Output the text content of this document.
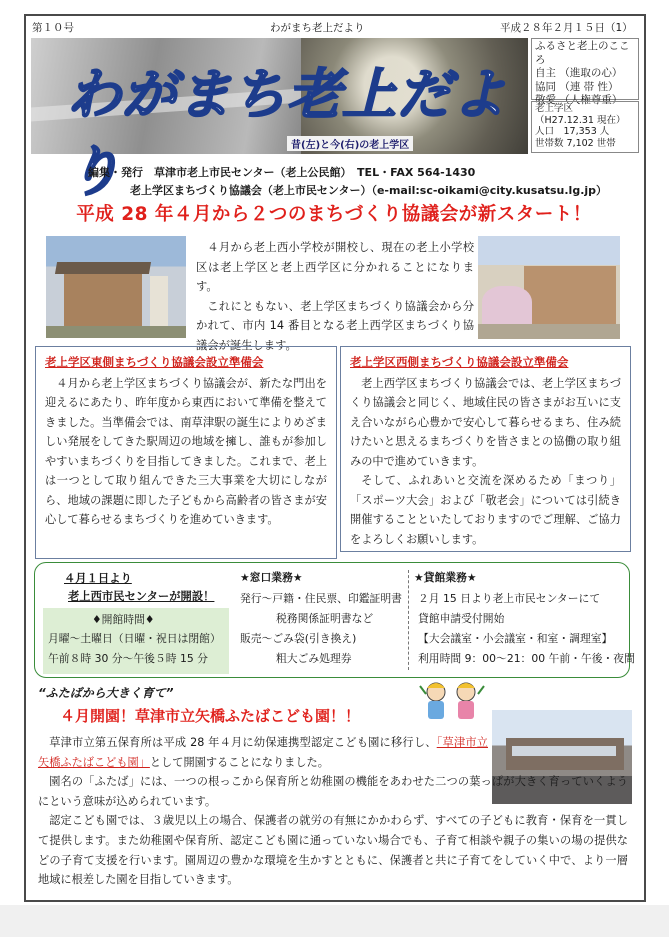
第１０号	わがまち老上だより	平成２８年２月１５日（1）
わがまち老上だより	昔(左)と今(右)の老上学区
ふるさと老上のこころ
自主 （進取の心）
協同 （連 帯 性）
敬愛 （人権尊重）
老上学区
（H27.12.31 現在）
人口　17,353 人
世帯数 7,102 世帯
編集・発行　草津市老上市民センター（老上公民館）　TEL・FAX 564-1430
老上学区まちづくり協議会（老上市民センター）（e-mail:sc-oikami@city.kusatsu.lg.jp）
平成 28 年４月から２つのまちづくり協議会が新スタート！
４月から老上西小学校が開校し、現在の老上小学校区は老上学区と老上西学区に分かれることになります。
これにともない、老上学区まちづくり協議会から分かれて、市内 14 番目となる老上西学区まちづくり協議会が誕生します。
老上学区東側まちづくり協議会設立準備会
４月から老上学区まちづくり協議会が、新たな門出を迎えるにあたり、昨年度から東西において準備を整えてきました。当準備会では、南草津駅の誕生によりめざましい発展をしてきた駅周辺の地域を擁し、誰もが参加しやすいまちづくりを目指してきました。これまで、老上は一つとして取り組んできた三大事業を大切にしながら、地域の課題に即した子どもから高齢者の皆さまが安心して暮らせるまちづくりを進めていきます。
老上学区西側まちづくり協議会設立準備会
老上西学区まちづくり協議会では、老上学区まちづくり協議会と同じく、地域住民の皆さまがお互いに支え合いながら心豊かで安心して暮らせるまち、住み続けたいと思えるまちづくりを皆さまとの協働の取り組みの中で進めていきます。
そして、ふれあいと交流を深めるため「まつり」「スポーツ大会」および「敬老会」については引続き開催することといたしておりますのでご理解、ご協力をよろしくお願いします。
４月１日より
老上西市民センターが開設！
♦開館時間♦
月曜～土曜日（日曜・祝日は閉館）
午前８時 30 分～午後５時 15 分
★窓口業務★
発行～戸籍・住民票、印鑑証明書
税務関係証明書など
販売～ごみ袋(引き換え)
粗大ごみ処理券
★貸館業務★
２月 15 日より老上市民センターにて
貸館申請受付開始
【大会議室・小会議室・和室・調理室】
利用時間 9：00～21：00 午前・午後・夜間
“ふたばから大きく育て”
４月開園！草津市立矢橋ふたばこども園！！
草津市立第五保育所は平成 28 年４月に幼保連携型認定こども園に移行し、「草津市立矢橋ふたばこども園」として開園することになりました。
園名の「ふたば」には、一つの根っこから保育所と幼稚園の機能をあわせた二つの葉っぱが大きく育っていくようにという意味が込められています。
認定こども園では、３歳児以上の場合、保護者の就労の有無にかかわらず、すべての子どもに教育・保育を一貫して提供します。また幼稚園や保育所、認定こども園に通っていない場合でも、子育て相談や親子の集いの場の提供などの子育て支援を行います。園周辺の豊かな環境を生かすとともに、保護者と共に子育てをしていく中で、より一層地域に根差した園を目指していきます。
